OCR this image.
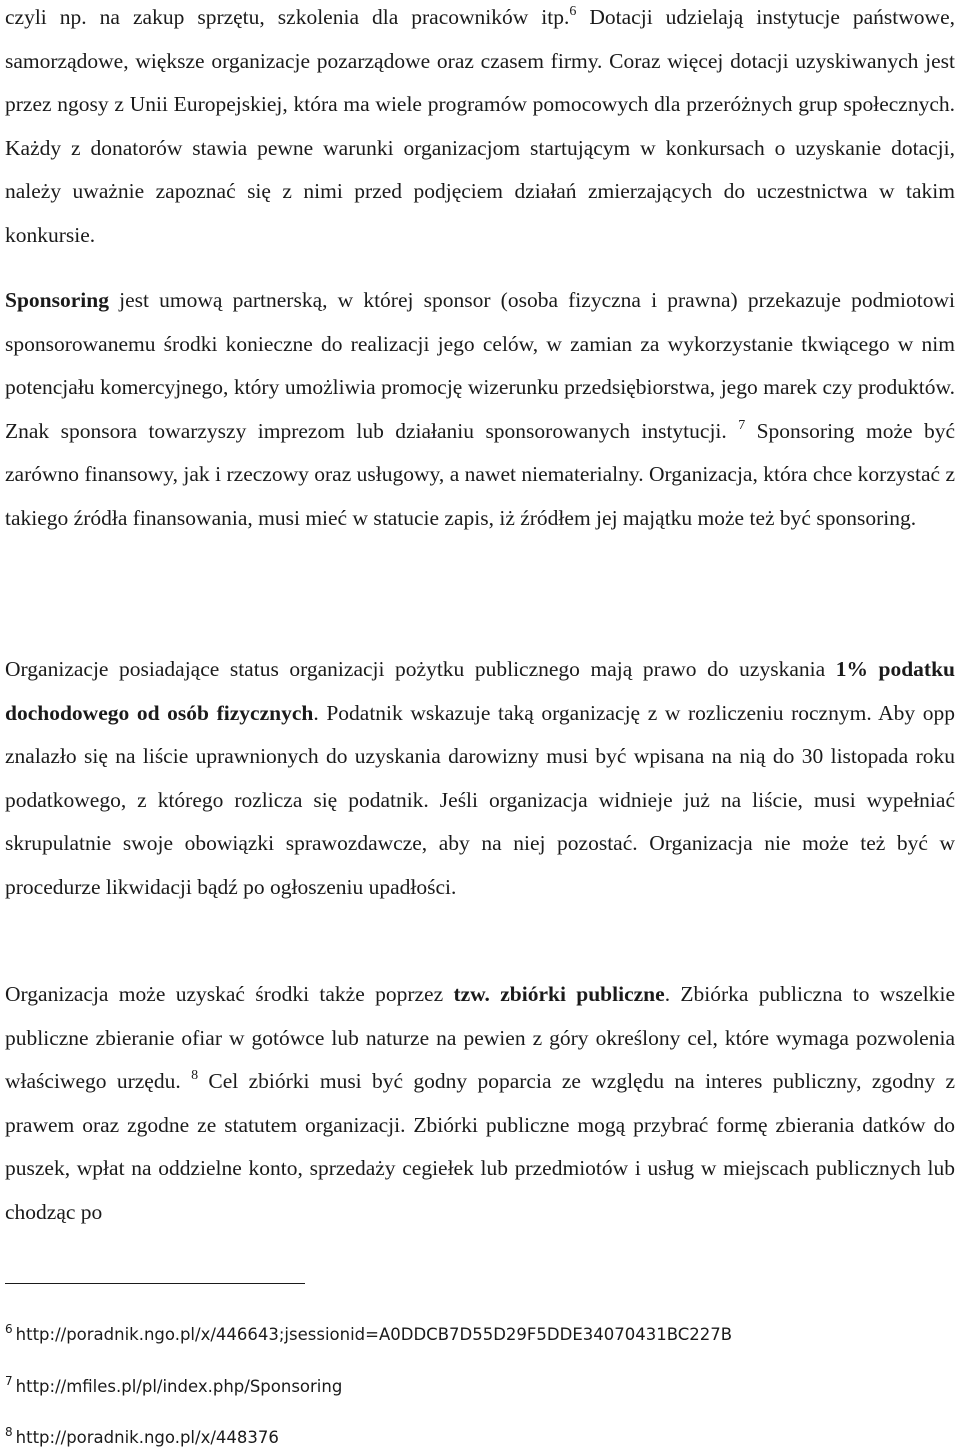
czyli np. na zakup sprzętu, szkolenia dla pracowników itp.$^6$ Dotacji udzielają instytucje państwowe, samorządowe, większe organizacje pozarządowe oraz czasem firmy. Coraz więcej dotacji uzyskiwanych jest przez ngosy z Unii Europejskiej, która ma wiele programów pomocowych dla przeróżnych grup społecznych. Każdy z donatorów stawia pewne warunki organizacjom startującym w konkursach o uzyskanie dotacji, należy uważnie zapoznać się z nimi przed podjęciem działań zmierzających do uczestnictwa w takim konkursie.

Sponsoring jest umową partnerską, w której sponsor (osoba fizyczna i prawna) przekazuje podmiotowi sponsorowanemu środki konieczne do realizacji jego celów, w zamian za wykorzystanie tkwiącego w nim potencjału komercyjnego, który umożliwia promocję wizerunku przedsiębiorstwa, jego marek czy produktów. Znak sponsora towarzyszy imprezom lub działaniu sponsorowanych instytucji. $^7$ Sponsoring może być zarówno finansowy, jak i rzeczowy oraz usługowy, a nawet niematerialny. Organizacja, która chce korzystać z takiego źródła finansowania, musi mieć w statucie zapis, iż źródłem jej majątku może też być sponsoring.

Organizacje posiadające status organizacji pożytku publicznego mają prawo do uzyskania 1% podatku dochodowego od osób fizycznych. Podatnik wskazuje taką organizację z w rozliczeniu rocznym. Aby opp znalazło się na liście uprawnionych do uzyskania darowizny musi być wpisana na nią do 30 listopada roku podatkowego, z którego rozlicza się podatnik. Jeśli organizacja widnieje już na liście, musi wypełniać skrupulatnie swoje obowiązki sprawozdawcze, aby na niej pozostać. Organizacja nie może też być w procedurze likwidacji bądź po ogłoszeniu upadłości.

Organizacja może uzyskać środki także poprzez tzw. zbiórki publiczne. Zbiórka publiczna to wszelkie publiczne zbieranie ofiar w gotówce lub naturze na pewien z góry określony cel, które wymaga pozwolenia właściwego urzędu. $^8$ Cel zbiórki musi być godny poparcia ze względu na interes publiczny, zgodny z prawem oraz zgodne ze statutem organizacji. Zbiórki publiczne mogą przybrać formę zbierania datków do puszek, wpłat na oddzielne konto, sprzedaży cegiełek lub przedmiotów i usług w miejscach publicznych lub chodząc po

$^6$ http://poradnik.ngo.pl/x/446643;jsessionid=A0DDCB7D55D29F5DDE34070431BC227B
$^7$ http://mfiles.pl/pl/index.php/Sponsoring
$^8$ http://poradnik.ngo.pl/x/448376
